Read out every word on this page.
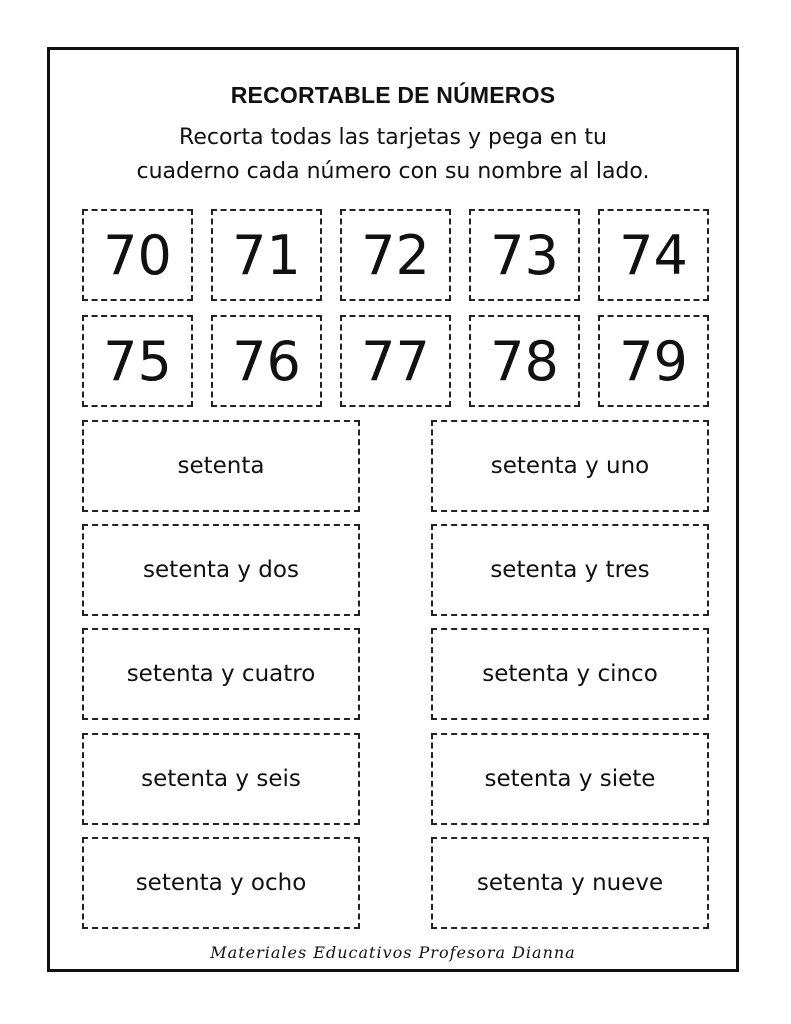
RECORTABLE DE NÚMEROS
Recorta todas las tarjetas y pega en tu
cuaderno cada número con su nombre al lado.
70	71	72	73	74
75	76	77	78	79
setenta	setenta y uno
setenta y dos	setenta y tres
setenta y cuatro	setenta y cinco
setenta y seis	setenta y siete
setenta y ocho	setenta y nueve
Materiales Educativos Profesora Dianna
